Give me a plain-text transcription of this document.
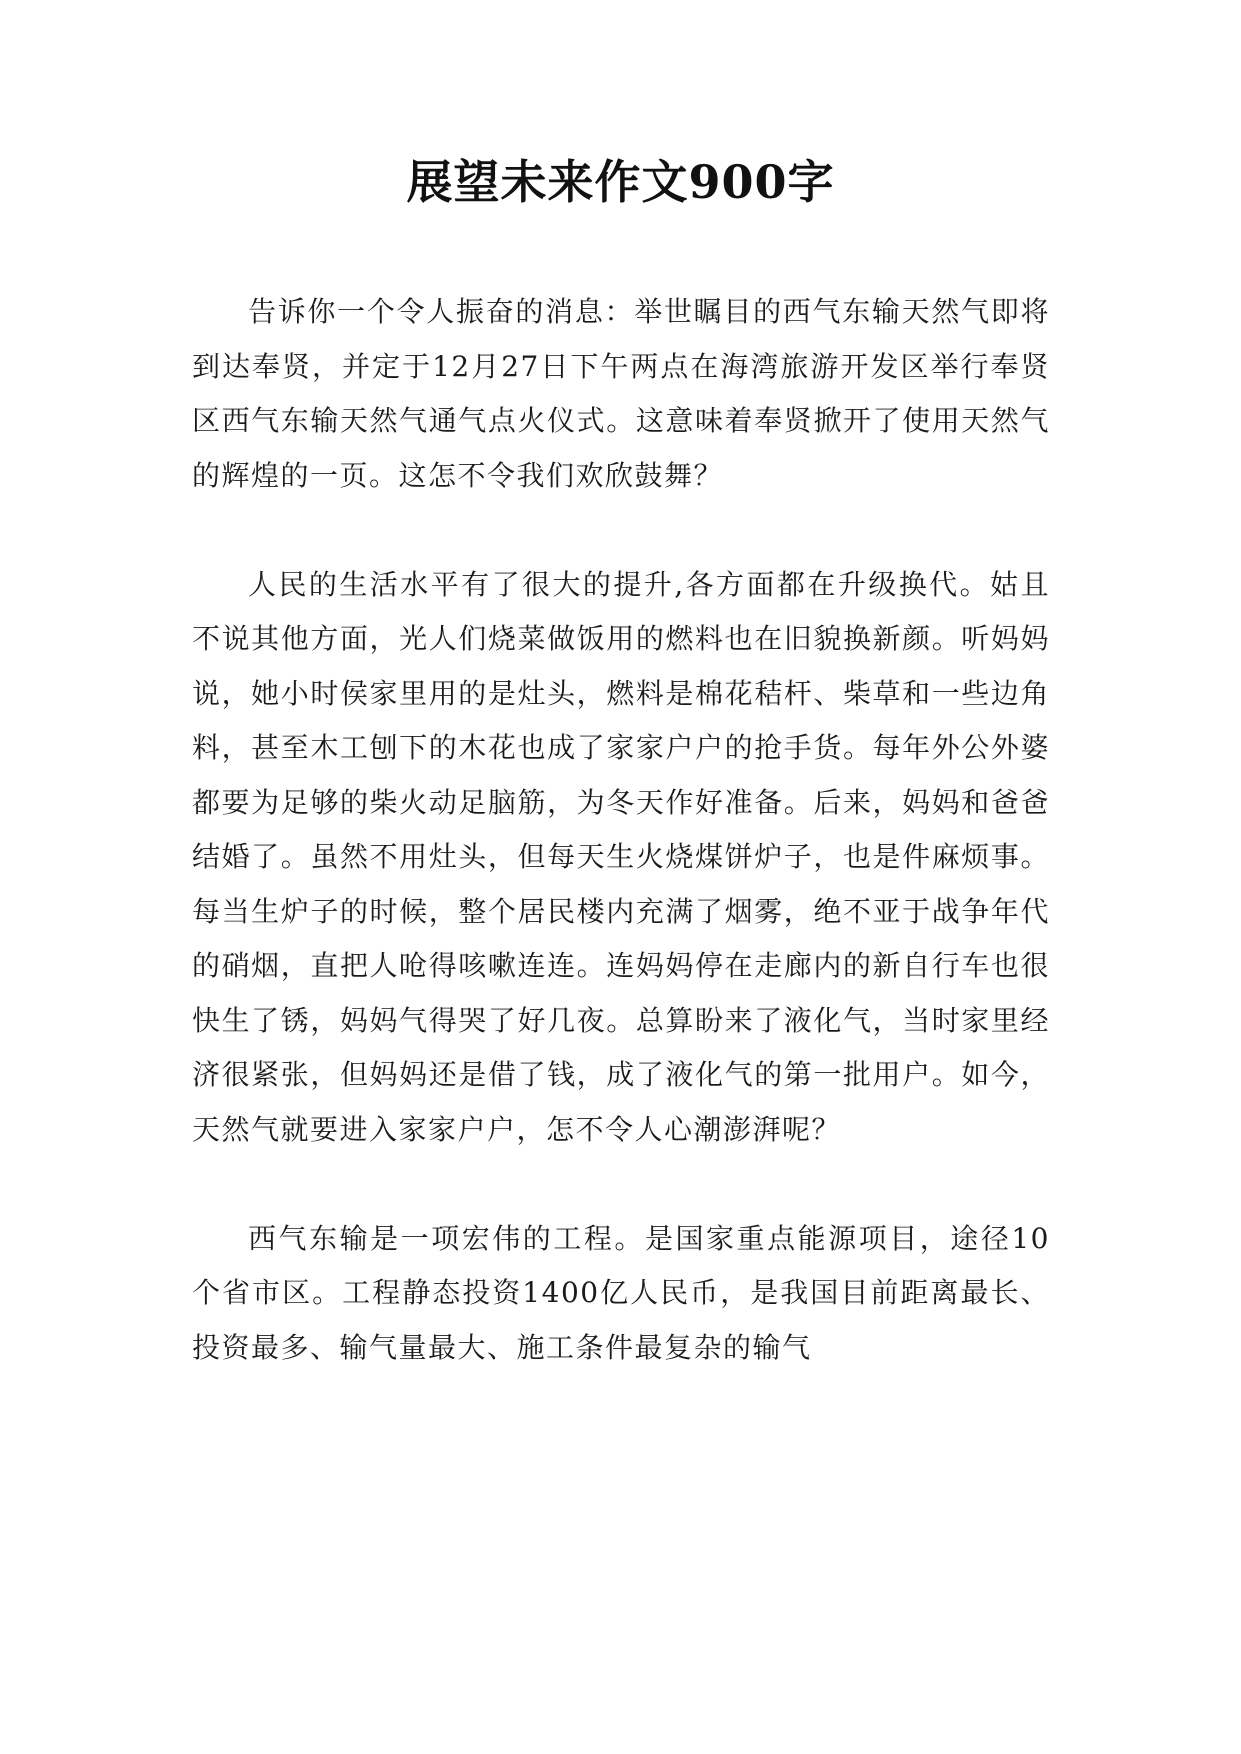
展望未来作文900字

告诉你一个令人振奋的消息：举世瞩目的西气东输天然气即将到达奉贤，并定于12月27日下午两点在海湾旅游开发区举行奉贤区西气东输天然气通气点火仪式。这意味着奉贤掀开了使用天然气的辉煌的一页。这怎不令我们欢欣鼓舞？

人民的生活水平有了很大的提升,各方面都在升级换代。姑且不说其他方面，光人们烧菜做饭用的燃料也在旧貌换新颜。听妈妈说，她小时侯家里用的是灶头，燃料是棉花秸杆、柴草和一些边角料，甚至木工刨下的木花也成了家家户户的抢手货。每年外公外婆都要为足够的柴火动足脑筋，为冬天作好准备。后来，妈妈和爸爸结婚了。虽然不用灶头，但每天生火烧煤饼炉子，也是件麻烦事。每当生炉子的时候，整个居民楼内充满了烟雾，绝不亚于战争年代的硝烟，直把人呛得咳嗽连连。连妈妈停在走廊内的新自行车也很快生了锈，妈妈气得哭了好几夜。总算盼来了液化气，当时家里经济很紧张，但妈妈还是借了钱，成了液化气的第一批用户。如今，天然气就要进入家家户户，怎不令人心潮澎湃呢？

西气东输是一项宏伟的工程。是国家重点能源项目，途径10个省市区。工程静态投资1400亿人民币，是我国目前距离最长、投资最多、输气量最大、施工条件最复杂的输气
